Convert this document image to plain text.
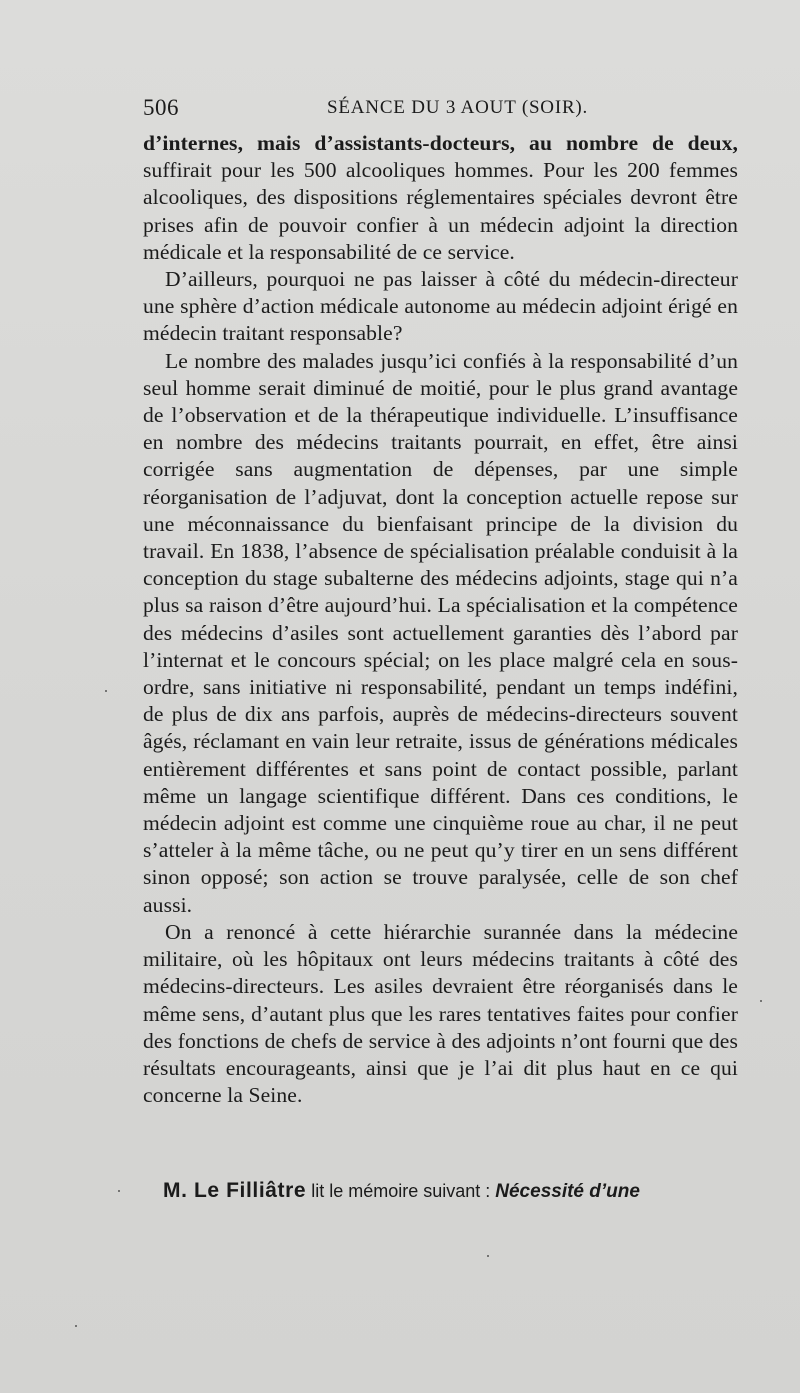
506	SÉANCE DU 3 AOUT (SOIR).

d’internes, mais d’assistants-docteurs, au nombre de deux, suffirait pour les 500 alcooliques hommes. Pour les 200 femmes alcooliques, des dispositions réglementaires spéciales devront être prises afin de pouvoir confier à un médecin adjoint la direction médicale et la responsabilité de ce service.

D’ailleurs, pourquoi ne pas laisser à côté du médecin-directeur une sphère d’action médicale autonome au médecin adjoint érigé en médecin traitant responsable?

Le nombre des malades jusqu’ici confiés à la responsabilité d’un seul homme serait diminué de moitié, pour le plus grand avantage de l’observation et de la thérapeutique individuelle. L’insuffisance en nombre des médecins traitants pourrait, en effet, être ainsi corrigée sans augmentation de dépenses, par une simple réorganisation de l’adjuvat, dont la conception actuelle repose sur une méconnaissance du bienfaisant principe de la division du travail. En 1838, l’absence de spécialisation préalable conduisit à la conception du stage subalterne des médecins adjoints, stage qui n’a plus sa raison d’être aujourd’hui. La spécialisation et la compétence des médecins d’asiles sont actuellement garanties dès l’abord par l’internat et le concours spécial; on les place malgré cela en sous-ordre, sans initiative ni responsabilité, pendant un temps indéfini, de plus de dix ans parfois, auprès de médecins-directeurs souvent âgés, réclamant en vain leur retraite, issus de générations médicales entièrement différentes et sans point de contact possible, parlant même un langage scientifique différent. Dans ces conditions, le médecin adjoint est comme une cinquième roue au char, il ne peut s’atteler à la même tâche, ou ne peut qu’y tirer en un sens différent sinon opposé; son action se trouve paralysée, celle de son chef aussi.

On a renoncé à cette hiérarchie surannée dans la médecine militaire, où les hôpitaux ont leurs médecins traitants à côté des médecins-directeurs. Les asiles devraient être réorganisés dans le même sens, d’autant plus que les rares tentatives faites pour confier des fonctions de chefs de service à des adjoints n’ont fourni que des résultats encourageants, ainsi que je l’ai dit plus haut en ce qui concerne la Seine.

M. Le Filliâtre lit le mémoire suivant : Nécessité d’une
